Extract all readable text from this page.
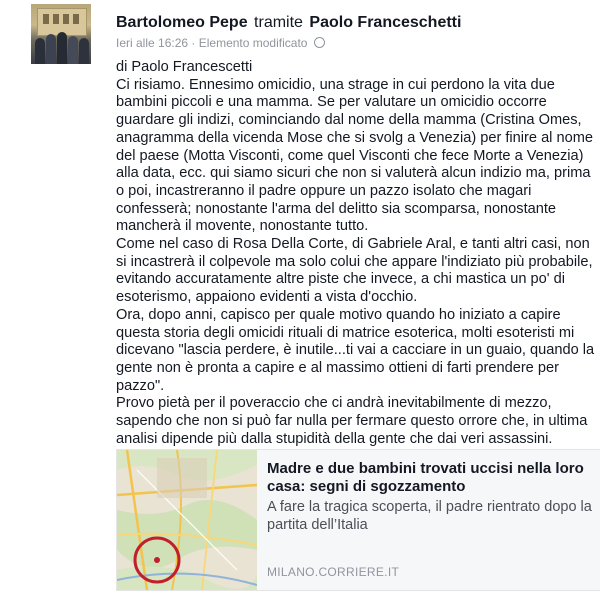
Bartolomeo Pepe tramite Paolo Franceschetti
Ieri alle 16:26 · Elemento modificato

di Paolo Francescetti
Ci risiamo. Ennesimo omicidio, una strage in cui perdono la vita due bambini piccoli e una mamma. Se per valutare un omicidio occorre guardare gli indizi, cominciando dal nome della mamma (Cristina Omes, anagramma della vicenda Mose che si svolg a Venezia) per finire al nome del paese (Motta Visconti, come quel Visconti che fece Morte a Venezia) alla data, ecc. qui siamo sicuri che non si valuterà alcun indizio ma, prima o poi, incastreranno il padre oppure un pazzo isolato che magari confesserà; nonostante l'arma del delitto sia scomparsa, nonostante mancherà il movente, nonostante tutto.

Come nel caso di Rosa Della Corte, di Gabriele Aral, e tanti altri casi, non si incastrerà il colpevole ma solo colui che appare l'indiziato più probabile, evitando accuratamente altre piste che invece, a chi mastica un po' di esoterismo, appaiono evidenti a vista d'occhio.

Ora, dopo anni, capisco per quale motivo quando ho iniziato a capire questa storia degli omicidi rituali di matrice esoterica, molti esoteristi mi dicevano "lascia perdere, è inutile...ti vai a cacciare in un guaio, quando la gente non è pronta a capire e al massimo ottieni di farti prendere per pazzo".

Provo pietà per il poveraccio che ci andrà inevitabilmente di mezzo, sapendo che non si può far nulla per fermare questo orrore che, in ultima analisi dipende più dalla stupidità della gente che dai veri assassini.

Madre e due bambini trovati uccisi nella loro casa: segni di sgozzamento
A fare la tragica scoperta, il padre rientrato dopo la partita dell’Italia
MILANO.CORRIERE.IT
